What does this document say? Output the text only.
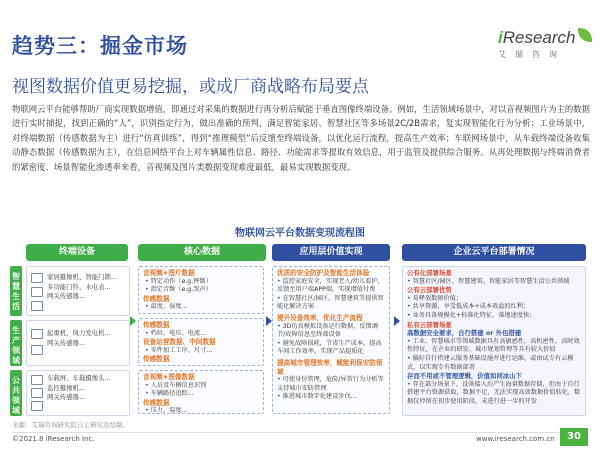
趋势三：掘金市场
视图数据价值更易挖掘，或成厂商战略布局要点
iResearch
艾瑞咨询
物联网云平台能够帮助厂商实现数据增值，即通过对采集的数据进行再分析后赋能于垂直图像终端设备。例如，生活领域场景中，对以音视频图片为主的数据进行实时捕捉，找到正确的“人”，识别指定行为，做出准确的预判，满足智能家居、智慧社区等多场景2C/2B需求，复实现智能化行为分析；工业场景中，对终端数据（传感数据为主）进行“仿真训练”，得到“推理模型”后反馈至终端设备，以优化运行流程，提高生产效率；车联网场景中，从车载终端设备收集动静态数据（传感数据为主），在信息网络平台上对车辆属性信息、路径、功能需求等提取有效信息，用于监管及提供综合服务。从再处理数据与终端消费者的紧密度、场景智能化渗透率来看，音视频及图片类数据变现难度最低，最易实现数据变现。
物联网云平台数据变现流程图
终端设备	核心数据	应用层价值实现	企业云平台部署情况
智慧生活
家居摄像机、智能门锁...
多功能门铃、水电表...
网关传感器...
生产领域
起重机、风力发电机...
网关传感器...
公共领域
车载屏、车载摄像头...
监控摄像机...
网关传感器...
音视频+图片数据
• 特定动作（e.g.摔倒）
• 指定音频（e.g.哭声）
传感数据
• 温度、湿度...
传感数据
• 档位、电压、电流...
设备运营数据、中间数据
• 零件加工工序、尺寸...
传感数据
音视频+图像数据
• 人员及车辆信息识别
• 车辆路径追踪...
传感数据
• 压力、温度...
优质的安全防护及智能生活体验
• 监控家庭安全，实现老人/幼儿看护，反馈至用户端APP端，实现增值付费
• 在智慧社区/园区、智慧建筑等提供智能化解决方案
提升设备效率，优化生产流程
• 3D仿真模拟设备运行数据，反馈调节/故障信息至终端设备
• 避免故障损耗，节省生产成本，提高车间工作效率，实现产品提质化
提高城市管理效率，赋能利保安防领域
• 可使身份管理，危险/异常行为分析等支持城市安防管理
• 推进城市数字化建设步伐...
公有化部署场景
• 智慧社区/园区、智慧建筑、智能家居等智慧生活公共领域
公有云部署优势
• 易释放数据价值；
• 共享资源，享受低成本+成本效益的红利；
• 业务具备规模化+标准化特征，落地速度快；
私有云部署场景
高数据安全要求，自行搭建 or 外包搭建
• 工业、智慧城市等领域数据具有高敏感性，高机密性、高时效性特征，在企业的研发、城市规划管理等具有较大价值
• 偏好自行搭建云服务基础设施并进行运维，或由试专有云模式，以实现专有数据部署
存而不用或不管理逻辑，价值如同冰山下
• 存在部分场景下，设备接入后产生海量数据存储，但由于自行搭建平台资源获取，数据不足，无法实现高效数据价值转化，数据仅停留在初步使用阶段，未进行进一步的开发
来源：艾瑞咨询研究院自主研究及绘制。
©2021.8 iResearch Inc.	www.iresearch.com.cn	30
